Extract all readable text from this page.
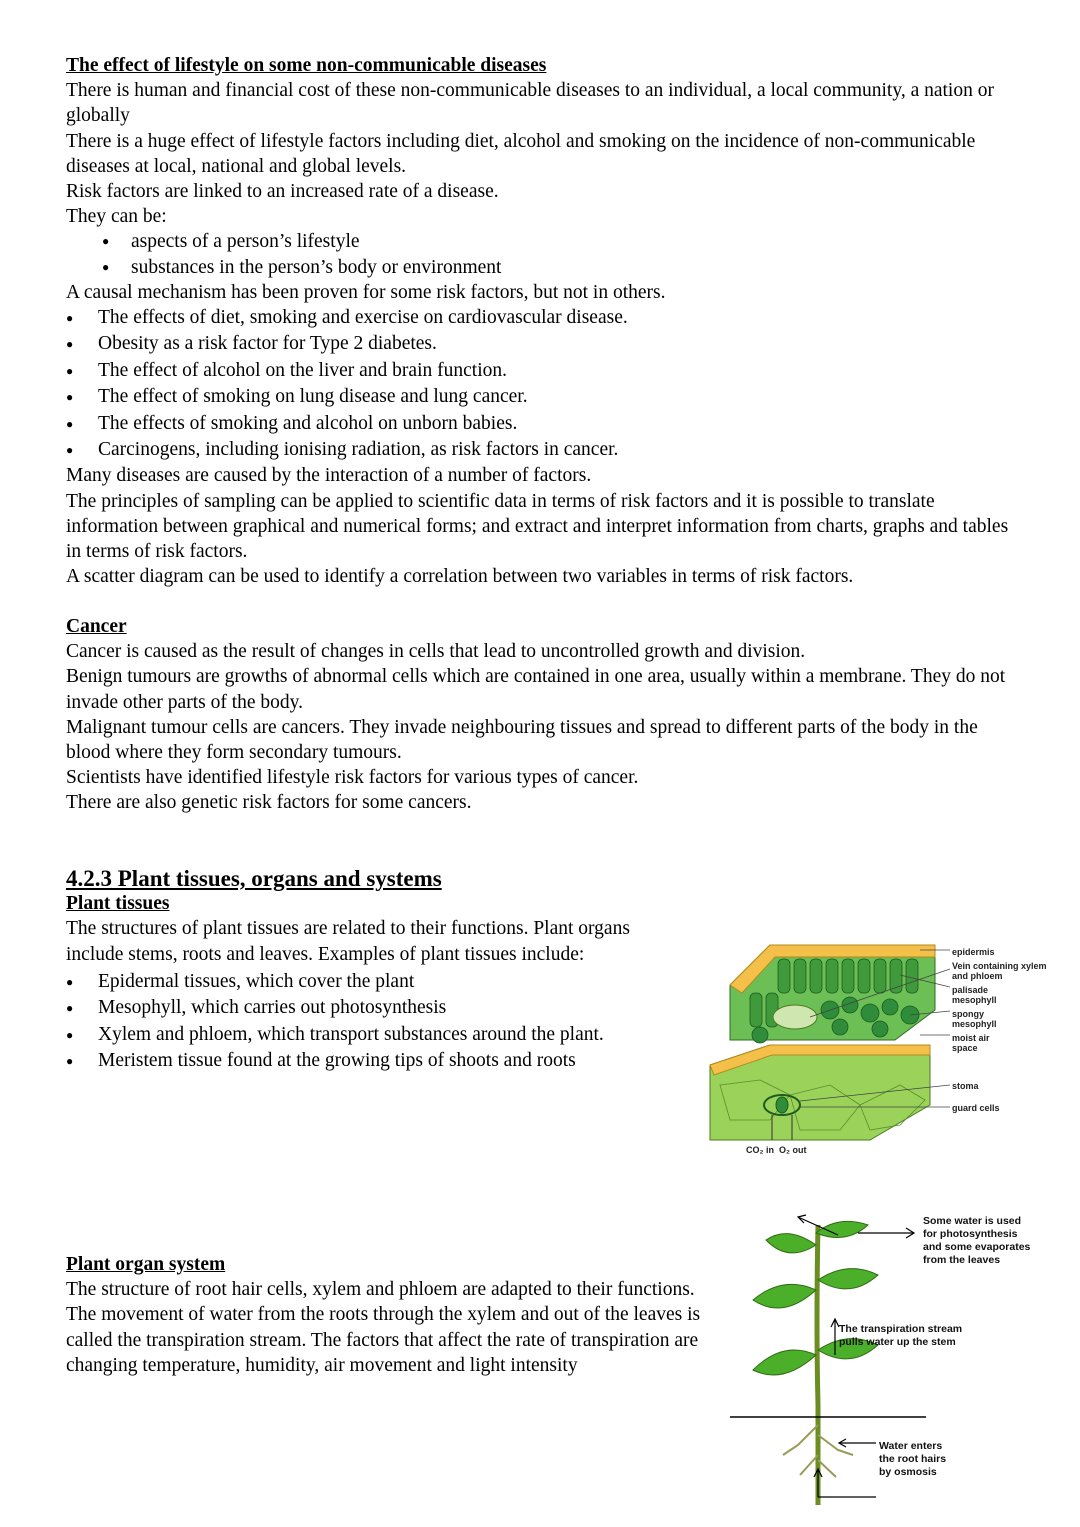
The effect of lifestyle on some non-communicable diseases

There is human and financial cost of these non-communicable diseases to an individual, a local community, a nation or globally

There is a huge effect of lifestyle factors including diet, alcohol and smoking on the incidence of non-communicable diseases at local, national and global levels.

Risk factors are linked to an increased rate of a disease.

They can be:

● aspects of a person’s lifestyle
● substances in the person’s body or environment

A causal mechanism has been proven for some risk factors, but not in others.

● The effects of diet, smoking and exercise on cardiovascular disease.
● Obesity as a risk factor for Type 2 diabetes.
● The effect of alcohol on the liver and brain function.
● The effect of smoking on lung disease and lung cancer.
● The effects of smoking and alcohol on unborn babies.
● Carcinogens, including ionising radiation, as risk factors in cancer.

Many diseases are caused by the interaction of a number of factors.

The principles of sampling can be applied to scientific data in terms of risk factors and it is possible to translate information between graphical and numerical forms; and extract and interpret information from charts, graphs and tables in terms of risk factors.

A scatter diagram can be used to identify a correlation between two variables in terms of risk factors.

Cancer

Cancer is caused as the result of changes in cells that lead to uncontrolled growth and division.

Benign tumours are growths of abnormal cells which are contained in one area, usually within a membrane. They do not invade other parts of the body.

Malignant tumour cells are cancers. They invade neighbouring tissues and spread to different parts of the body in the blood where they form secondary tumours.

Scientists have identified lifestyle risk factors for various types of cancer.

There are also genetic risk factors for some cancers.

4.2.3 Plant tissues, organs and systems
Plant tissues

The structures of plant tissues are related to their functions. Plant organs include stems, roots and leaves. Examples of plant tissues include:

● Epidermal tissues, which cover the plant
● Mesophyll, which carries out photosynthesis
● Xylem and phloem, which transport substances around the plant.
● Meristem tissue found at the growing tips of shoots and roots
Plant organ system

The structure of root hair cells, xylem and phloem are adapted to their functions.

The movement of water from the roots through the xylem and out of the leaves is called the transpiration stream. The factors that affect the rate of transpiration are changing temperature, humidity, air movement and light intensity

epidermis
Vein containing xylem and phloem
palisade mesophyll
spongy mesophyll
moist air space
stoma
guard cells
CO₂ in  O₂ out
Some water is used for photosynthesis and some evaporates from the leaves
The transpiration stream pulls water up the stem
Water enters the root hairs by osmosis
